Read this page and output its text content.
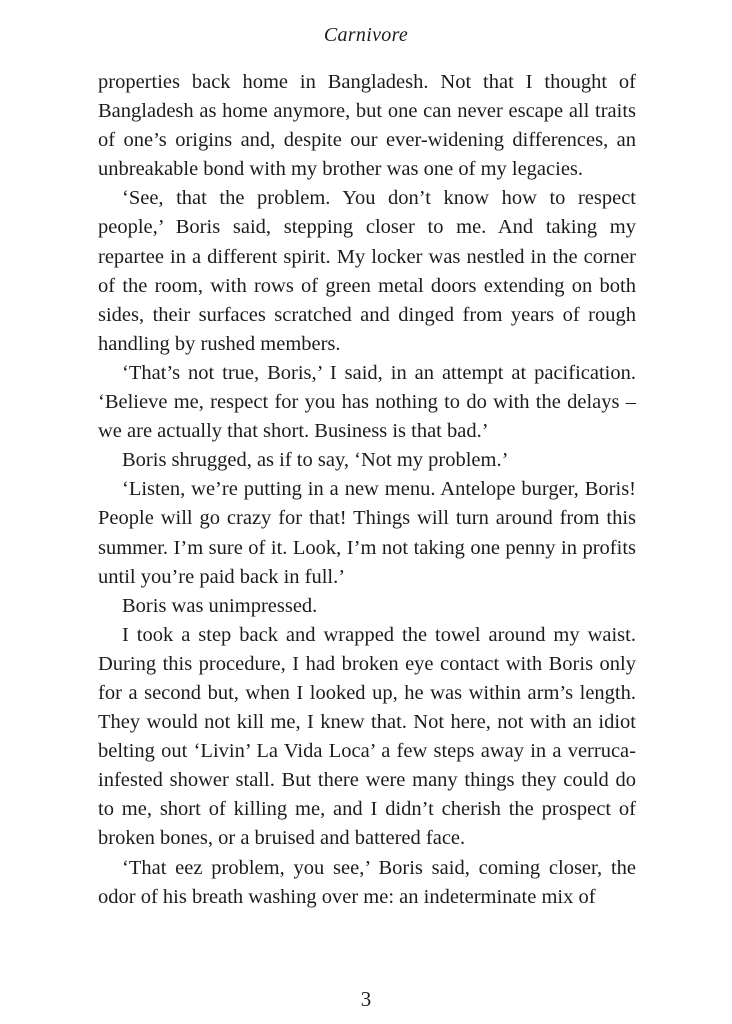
Carnivore

properties back home in Bangladesh. Not that I thought of Bangladesh as home anymore, but one can never escape all traits of one’s origins and, despite our ever-widening differences, an unbreakable bond with my brother was one of my legacies.

‘See, that the problem. You don’t know how to respect people,’ Boris said, stepping closer to me. And taking my repartee in a different spirit. My locker was nestled in the corner of the room, with rows of green metal doors extending on both sides, their surfaces scratched and dinged from years of rough handling by rushed members.

‘That’s not true, Boris,’ I said, in an attempt at pacification. ‘Believe me, respect for you has nothing to do with the delays – we are actually that short. Business is that bad.’

Boris shrugged, as if to say, ‘Not my problem.’

‘Listen, we’re putting in a new menu. Antelope burger, Boris! People will go crazy for that! Things will turn around from this summer. I’m sure of it. Look, I’m not taking one penny in profits until you’re paid back in full.’

Boris was unimpressed.

I took a step back and wrapped the towel around my waist. During this procedure, I had broken eye contact with Boris only for a second but, when I looked up, he was within arm’s length. They would not kill me, I knew that. Not here, not with an idiot belting out ‘Livin’ La Vida Loca’ a few steps away in a verruca-infested shower stall. But there were many things they could do to me, short of killing me, and I didn’t cherish the prospect of broken bones, or a bruised and battered face.

‘That eez problem, you see,’ Boris said, coming closer, the odor of his breath washing over me: an indeterminate mix of

3
